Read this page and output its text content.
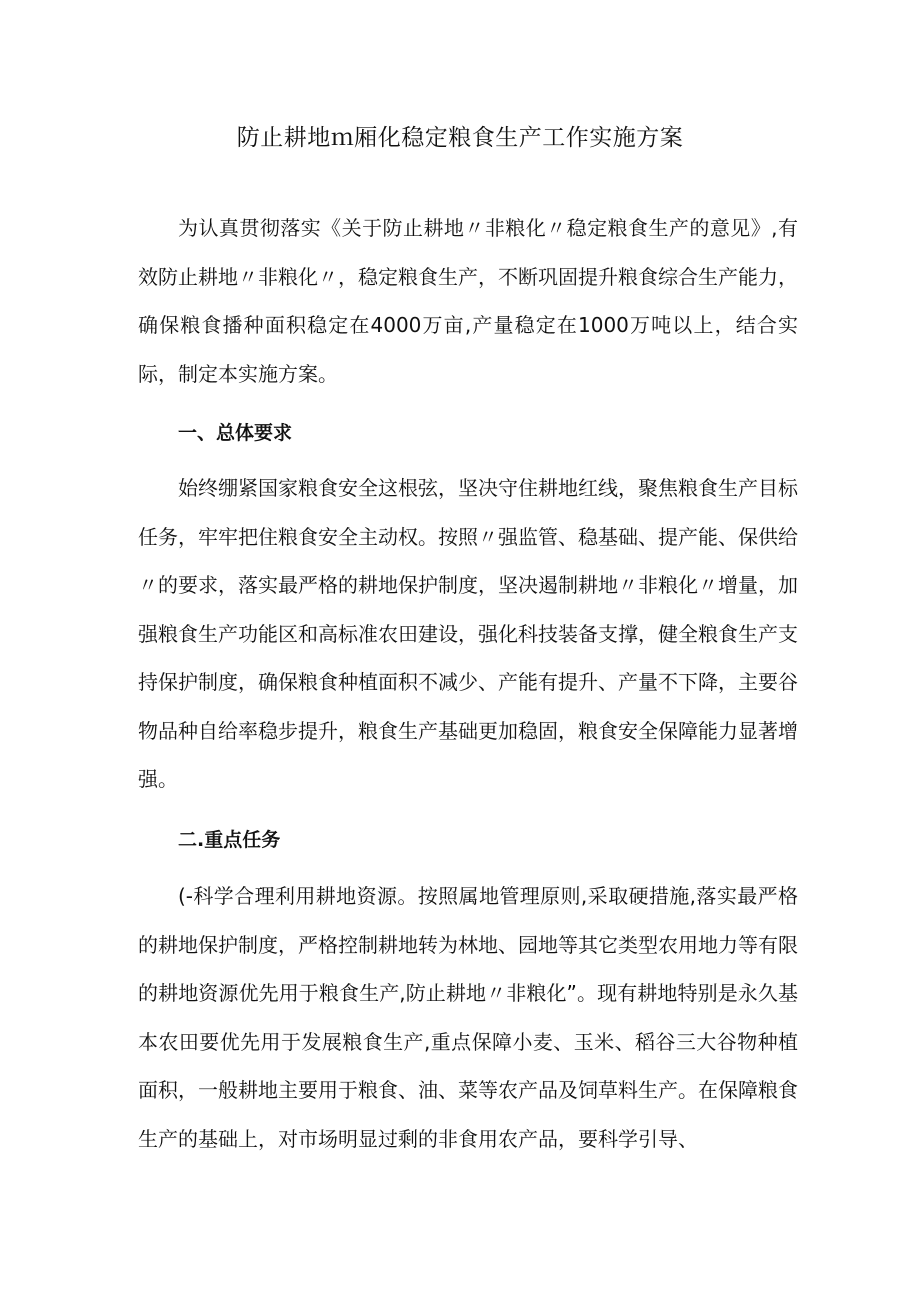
防止耕地ｍ厢化稳定粮食生产工作实施方案

为认真贯彻落实《关于防止耕地〃非粮化〃稳定粮食生产的意见》,有效防止耕地〃非粮化〃，稳定粮食生产，不断巩固提升粮食综合生产能力，确保粮食播种面积稳定在4000万亩,产量稳定在1000万吨以上，结合实际，制定本实施方案。

一、总体要求

始终绷紧国家粮食安全这根弦，坚决守住耕地红线，聚焦粮食生产目标任务，牢牢把住粮食安全主动权。按照〃强监管、稳基础、提产能、保供给〃的要求，落实最严格的耕地保护制度，坚决遏制耕地〃非粮化〃增量，加强粮食生产功能区和高标准农田建设，强化科技装备支撑，健全粮食生产支持保护制度，确保粮食种植面积不减少、产能有提升、产量不下降，主要谷物品种自给率稳步提升，粮食生产基础更加稳固，粮食安全保障能力显著增强。

二.重点任务

(-科学合理利用耕地资源。按照属地管理原则,采取硬措施,落实最严格的耕地保护制度，严格控制耕地转为林地、园地等其它类型农用地力等有限的耕地资源优先用于粮食生产,防止耕地〃非粮化”。现有耕地特别是永久基本农田要优先用于发展粮食生产,重点保障小麦、玉米、稻谷三大谷物种植面积，一般耕地主要用于粮食、油、菜等农产品及饲草料生产。在保障粮食生产的基础上，对市场明显过剩的非食用农产品，要科学引导、
